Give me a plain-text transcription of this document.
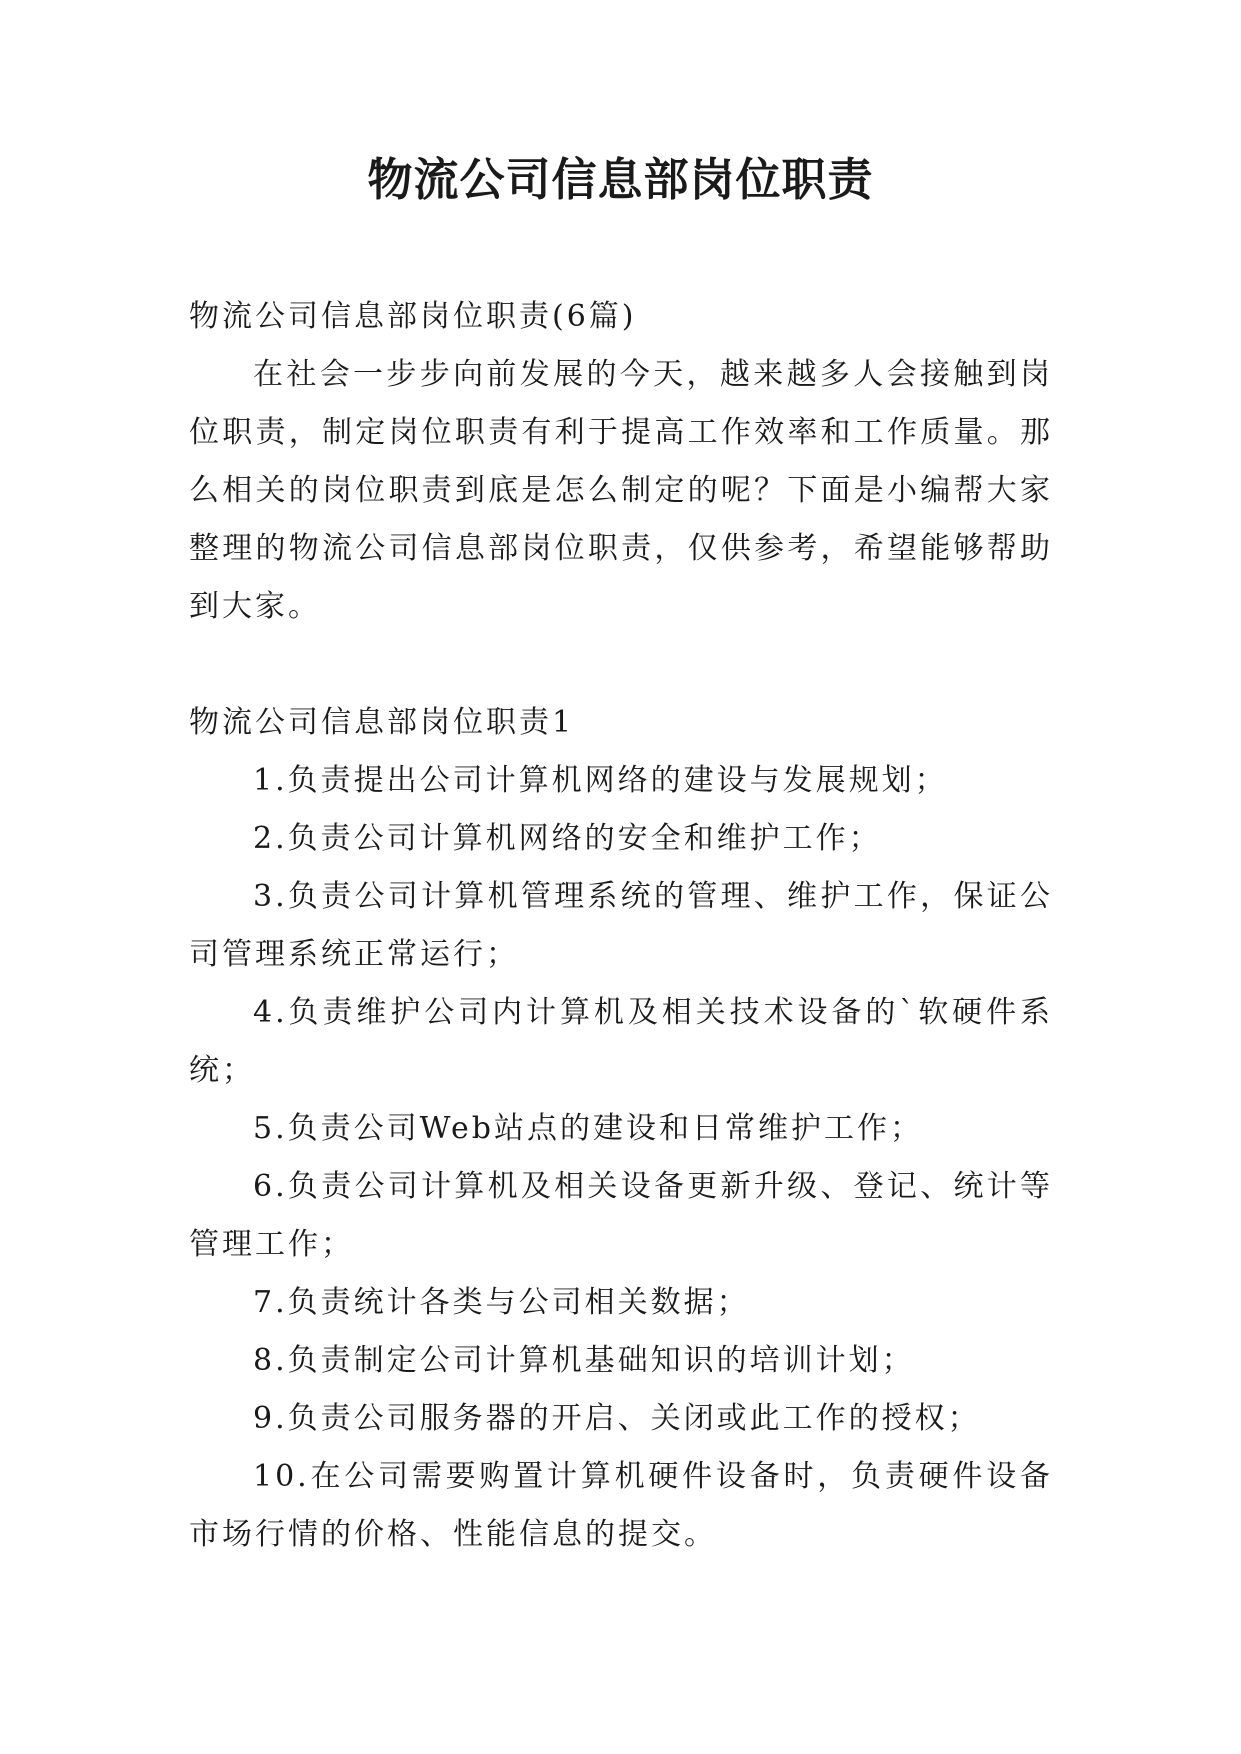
物流公司信息部岗位职责

物流公司信息部岗位职责(6篇)

在社会一步步向前发展的今天，越来越多人会接触到岗位职责，制定岗位职责有利于提高工作效率和工作质量。那么相关的岗位职责到底是怎么制定的呢？下面是小编帮大家整理的物流公司信息部岗位职责，仅供参考，希望能够帮助到大家。

物流公司信息部岗位职责1

1.负责提出公司计算机网络的建设与发展规划；

2.负责公司计算机网络的安全和维护工作；

3.负责公司计算机管理系统的管理、维护工作，保证公司管理系统正常运行；

4.负责维护公司内计算机及相关技术设备的`软硬件系统；

5.负责公司Web站点的建设和日常维护工作；

6.负责公司计算机及相关设备更新升级、登记、统计等管理工作；

7.负责统计各类与公司相关数据；

8.负责制定公司计算机基础知识的培训计划；

9.负责公司服务器的开启、关闭或此工作的授权；

10.在公司需要购置计算机硬件设备时，负责硬件设备市场行情的价格、性能信息的提交。
